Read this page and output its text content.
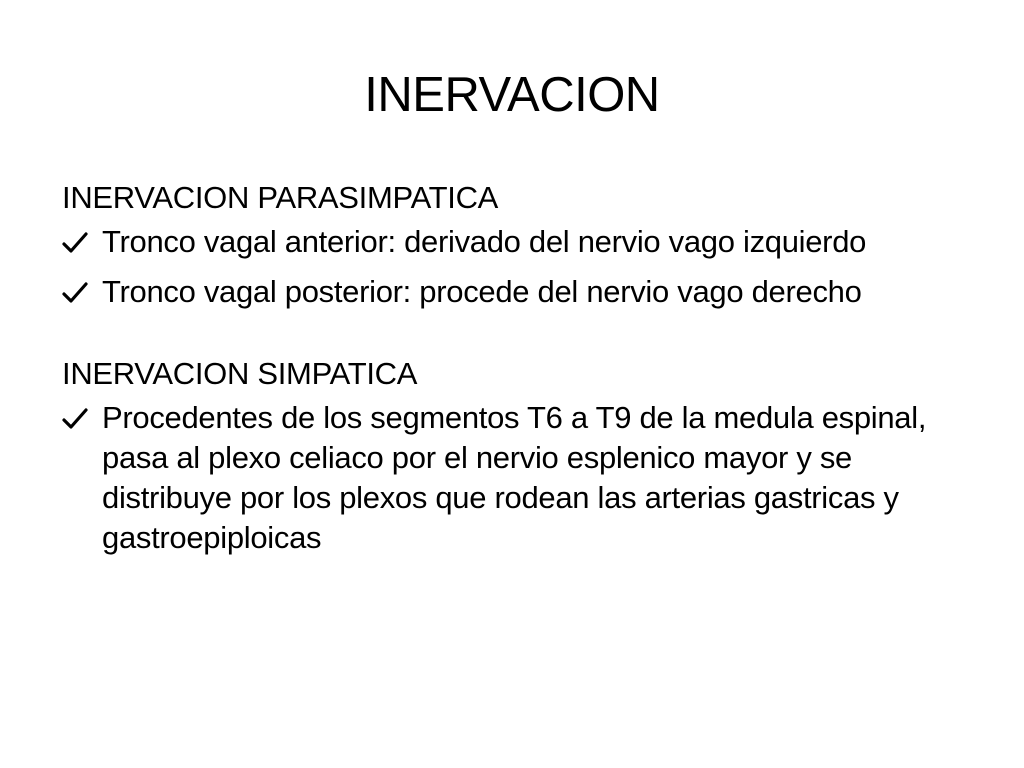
INERVACION
INERVACION PARASIMPATICA
Tronco vagal anterior: derivado del nervio vago izquierdo
Tronco vagal posterior: procede del nervio vago derecho
INERVACION SIMPATICA
Procedentes de los segmentos T6 a T9 de la medula espinal, pasa al plexo celiaco por el nervio esplenico mayor y se distribuye por los plexos que rodean las arterias gastricas y gastroepiploicas
